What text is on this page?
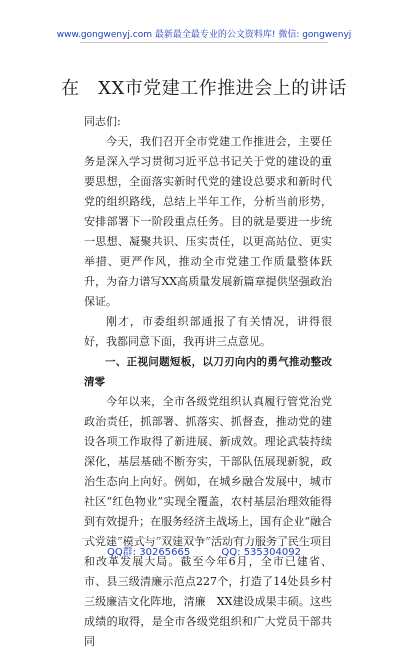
www.gongwenyj.com 最新最全最专业的公文资料库! 微信: gongwenyj
在　XX市党建工作推进会上的讲话

同志们:

今天，我们召开全市党建工作推进会，主要任务是深入学习贯彻习近平总书记关于党的建设的重要思想，全面落实新时代党的建设总要求和新时代党的组织路线，总结上半年工作，分析当前形势，安排部署下一阶段重点任务。目的就是要进一步统一思想、凝聚共识、压实责任，以更高站位、更实举措、更严作风，推动全市党建工作质量整体跃升，为奋力谱写XX高质量发展新篇章提供坚强政治保证。

刚才，市委组织部通报了有关情况，讲得很好，我都同意下面，我再讲三点意见。

一、正视问题短板，以刀刃向内的勇气推动整改清零

今年以来，全市各级党组织认真履行管党治党政治责任，抓部署、抓落实、抓督查，推动党的建设各项工作取得了新进展、新成效。理论武装持续深化，基层基础不断夯实，干部队伍展现新貌，政治生态向上向好。例如，在城乡融合发展中，城市社区“红色物业”实现全覆盖，农村基层治理效能得到有效提升；在服务经济主战场上，国有企业“融合式党建”模式与“双建双争”活动有力服务了民生项目和改革发展大局。截至今年6月，全市已建省、市、县三级清廉示范点227个，打造了14处县乡村三级廉洁文化阵地，清廉　XX建设成果丰硕。这些成绩的取得，是全市各级党组织和广大党员干部共同

QQ群: 30265665	QQ: 535304092
